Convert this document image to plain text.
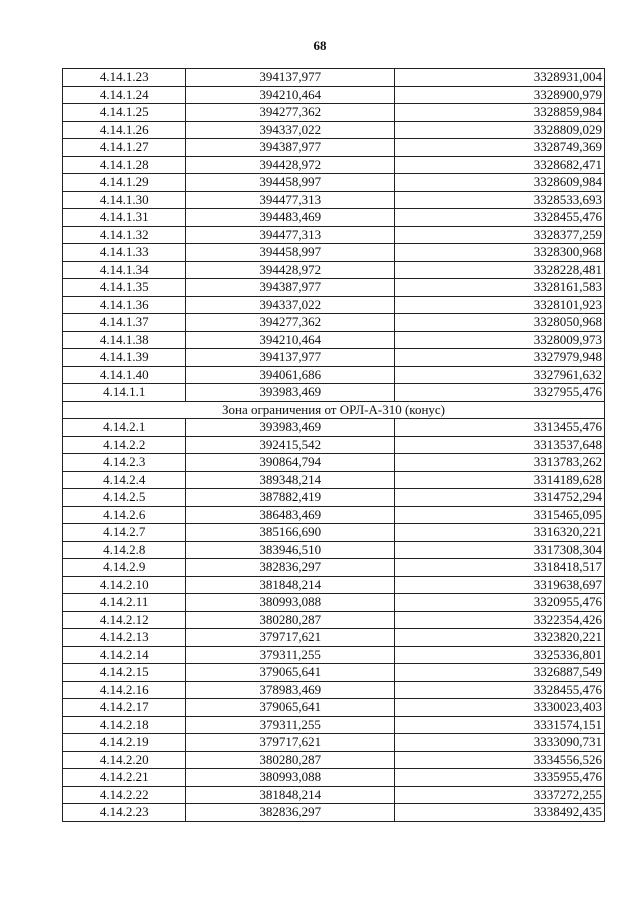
68
4.14.1.23	394137,977	3328931,004
4.14.1.24	394210,464	3328900,979
4.14.1.25	394277,362	3328859,984
4.14.1.26	394337,022	3328809,029
4.14.1.27	394387,977	3328749,369
4.14.1.28	394428,972	3328682,471
4.14.1.29	394458,997	3328609,984
4.14.1.30	394477,313	3328533,693
4.14.1.31	394483,469	3328455,476
4.14.1.32	394477,313	3328377,259
4.14.1.33	394458,997	3328300,968
4.14.1.34	394428,972	3328228,481
4.14.1.35	394387,977	3328161,583
4.14.1.36	394337,022	3328101,923
4.14.1.37	394277,362	3328050,968
4.14.1.38	394210,464	3328009,973
4.14.1.39	394137,977	3327979,948
4.14.1.40	394061,686	3327961,632
4.14.1.1	393983,469	3327955,476
Зона ограничения от ОРЛ-А-310 (конус)		
4.14.2.1	393983,469	3313455,476
4.14.2.2	392415,542	3313537,648
4.14.2.3	390864,794	3313783,262
4.14.2.4	389348,214	3314189,628
4.14.2.5	387882,419	3314752,294
4.14.2.6	386483,469	3315465,095
4.14.2.7	385166,690	3316320,221
4.14.2.8	383946,510	3317308,304
4.14.2.9	382836,297	3318418,517
4.14.2.10	381848,214	3319638,697
4.14.2.11	380993,088	3320955,476
4.14.2.12	380280,287	3322354,426
4.14.2.13	379717,621	3323820,221
4.14.2.14	379311,255	3325336,801
4.14.2.15	379065,641	3326887,549
4.14.2.16	378983,469	3328455,476
4.14.2.17	379065,641	3330023,403
4.14.2.18	379311,255	3331574,151
4.14.2.19	379717,621	3333090,731
4.14.2.20	380280,287	3334556,526
4.14.2.21	380993,088	3335955,476
4.14.2.22	381848,214	3337272,255
4.14.2.23	382836,297	3338492,435
